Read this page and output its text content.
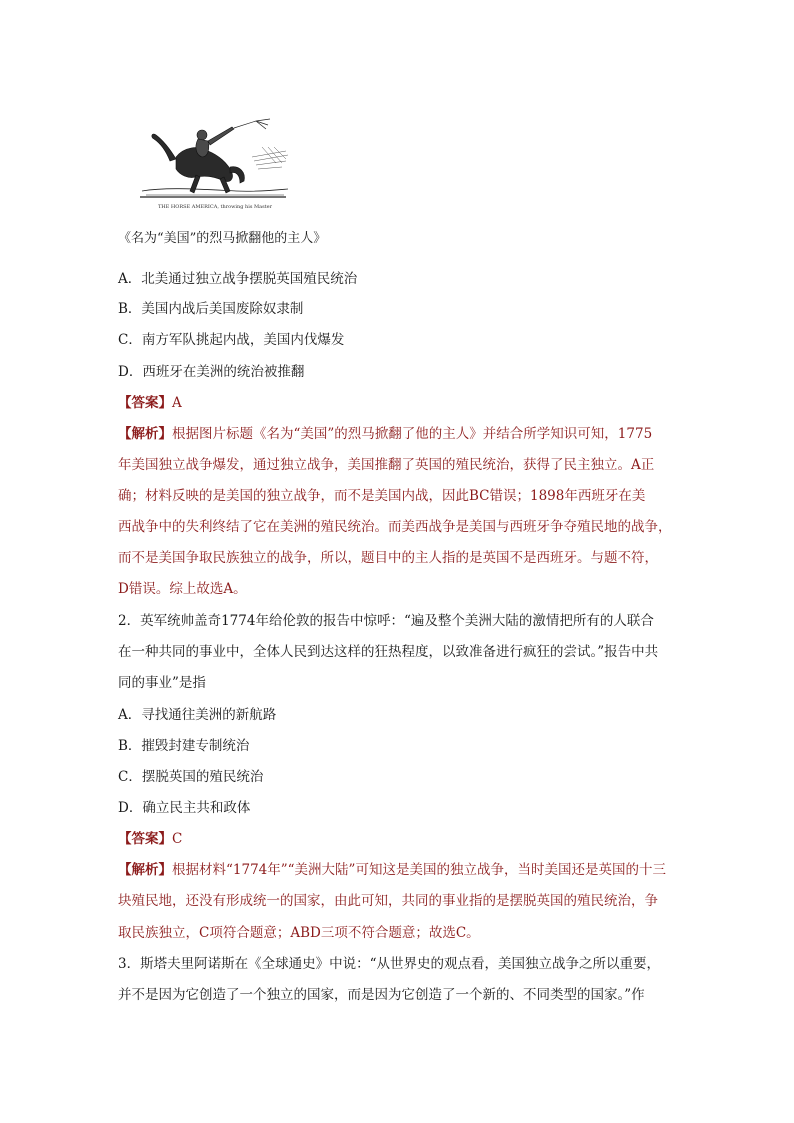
THE HORSE AMERICA, throwing his Master
《名为“美国”的烈马掀翻他的主人》
A．北美通过独立战争摆脱英国殖民统治
B．美国内战后美国废除奴隶制
C．南方军队挑起内战，美国内伐爆发
D．西班牙在美洲的统治被推翻
【答案】A
【解析】根据图片标题《名为“美国”的烈马掀翻了他的主人》并结合所学知识可知，1775
年美国独立战争爆发，通过独立战争，美国推翻了英国的殖民统治，获得了民主独立。A正
确；材料反映的是美国的独立战争，而不是美国内战，因此BC错误；1898年西班牙在美
西战争中的失利终结了它在美洲的殖民统治。而美西战争是美国与西班牙争夺殖民地的战争，
而不是美国争取民族独立的战争，所以，题目中的主人指的是英国不是西班牙。与题不符，
D错误。综上故选A。
2．英军统帅盖奇1774年给伦敦的报告中惊呼：“遍及整个美洲大陆的激情把所有的人联合
在一种共同的事业中，全体人民到达这样的狂热程度，以致准备进行疯狂的尝试。”报告中共
同的事业”是指
A．寻找通往美洲的新航路
B．摧毁封建专制统治
C．摆脱英国的殖民统治
D．确立民主共和政体
【答案】C
【解析】根据材料“1774年”“美洲大陆”可知这是美国的独立战争，当时美国还是英国的十三
块殖民地，还没有形成统一的国家，由此可知，共同的事业指的是摆脱英国的殖民统治，争
取民族独立，C项符合题意；ABD三项不符合题意；故选C。
3．斯塔夫里阿诺斯在《全球通史》中说：“从世界史的观点看，美国独立战争之所以重要，
并不是因为它创造了一个独立的国家，而是因为它创造了一个新的、不同类型的国家。”作
